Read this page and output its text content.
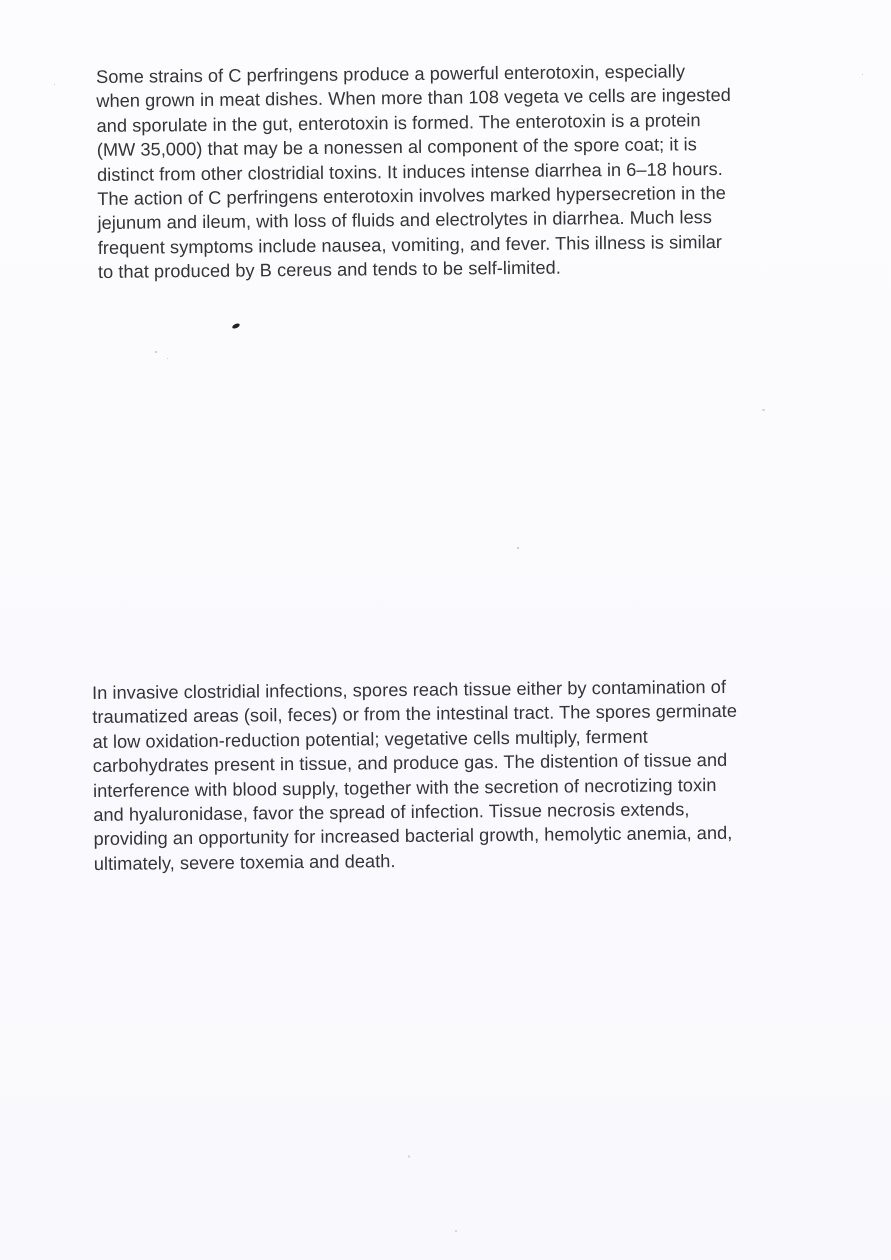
Some strains of C perfringens produce a powerful enterotoxin, especially
when grown in meat dishes. When more than 108 vegeta ve cells are ingested
and sporulate in the gut, enterotoxin is formed. The enterotoxin is a protein
(MW 35,000) that may be a nonessen al component of the spore coat; it is
distinct from other clostridial toxins. It induces intense diarrhea in 6–18 hours.
The action of C perfringens enterotoxin involves marked hypersecretion in the
jejunum and ileum, with loss of fluids and electrolytes in diarrhea. Much less
frequent symptoms include nausea, vomiting, and fever. This illness is similar
to that produced by B cereus and tends to be self-limited.
In invasive clostridial infections, spores reach tissue either by contamination of
traumatized areas (soil, feces) or from the intestinal tract. The spores germinate
at low oxidation-reduction potential; vegetative cells multiply, ferment
carbohydrates present in tissue, and produce gas. The distention of tissue and
interference with blood supply, together with the secretion of necrotizing toxin
and hyaluronidase, favor the spread of infection. Tissue necrosis extends,
providing an opportunity for increased bacterial growth, hemolytic anemia, and,
ultimately, severe toxemia and death.
